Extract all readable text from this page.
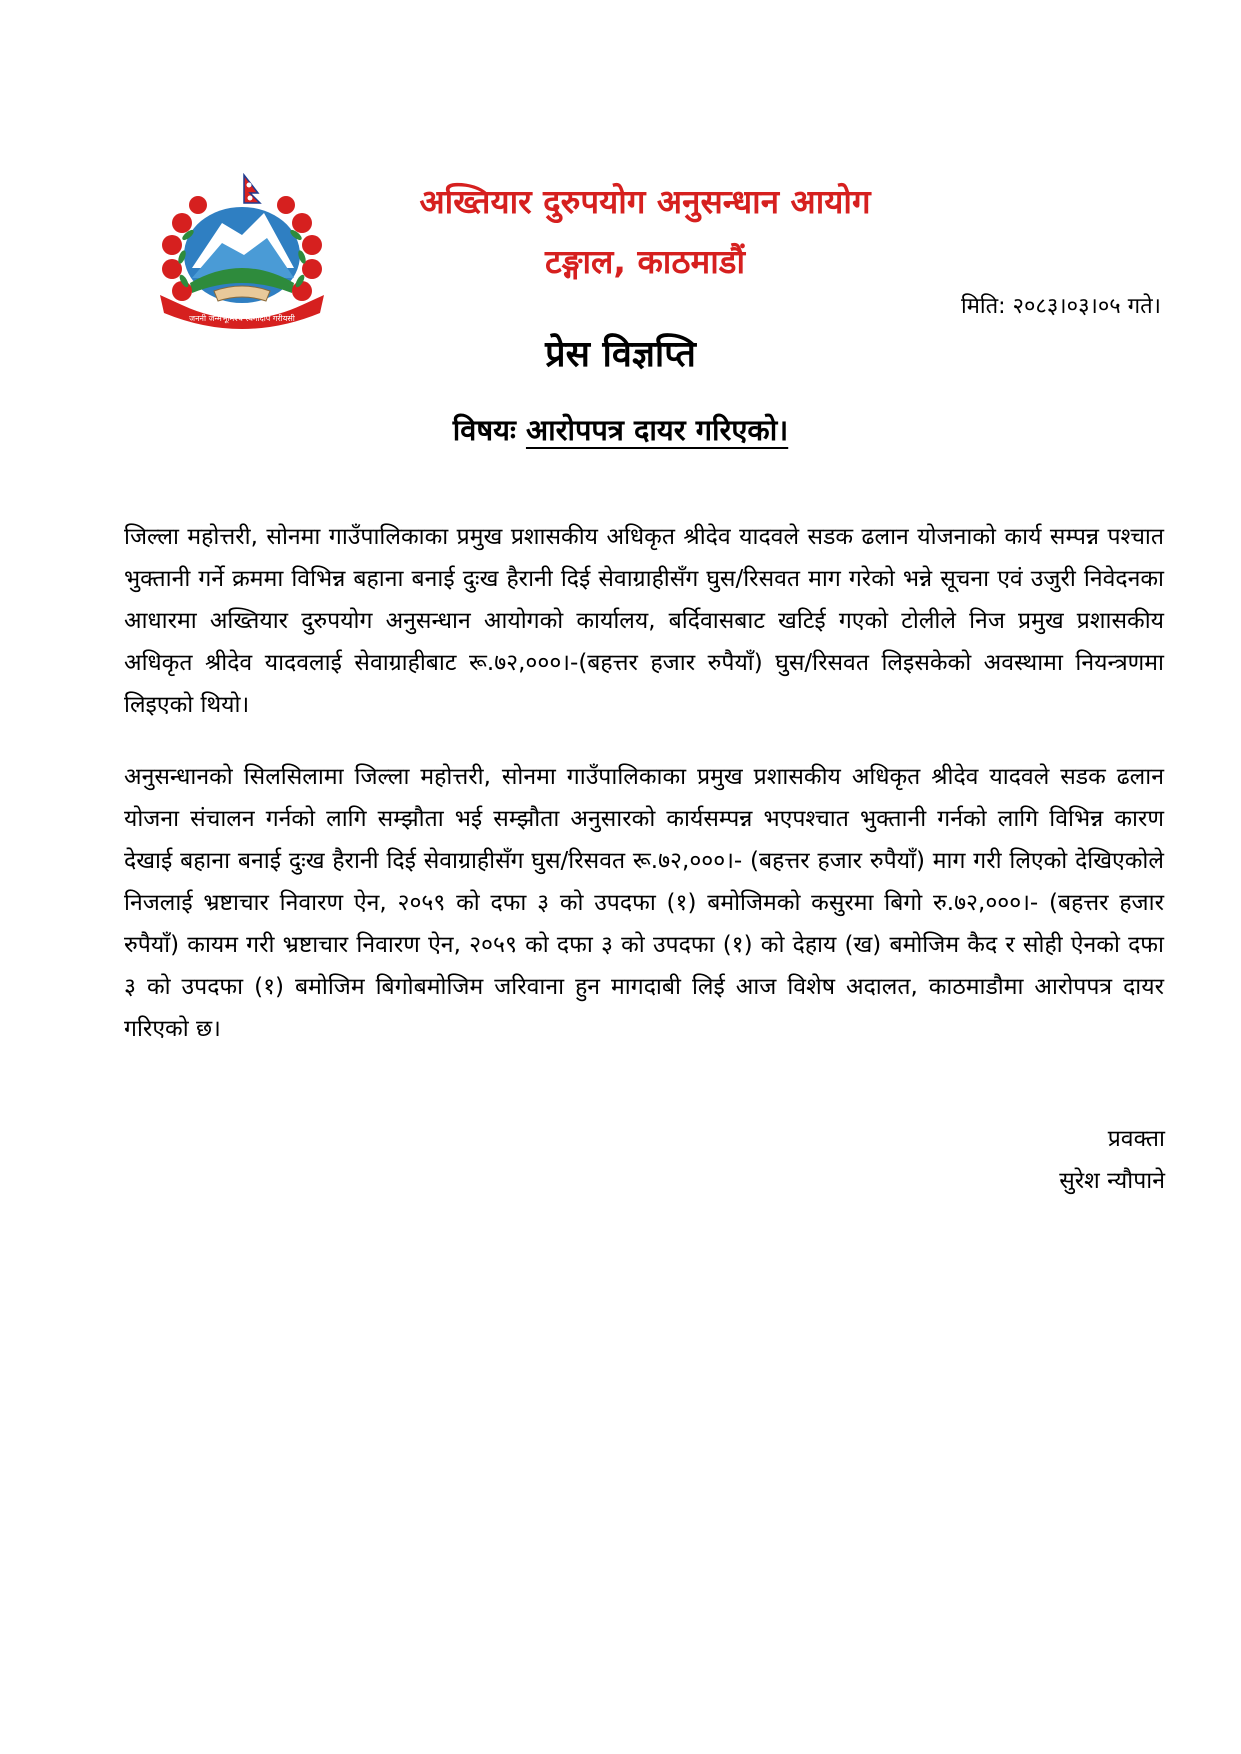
जननी जन्मभूमिश्च स्वर्गादपि गरीयसी
अख्तियार दुरुपयोग अनुसन्धान आयोग
टङ्गाल, काठमाडौं
मिति: २०८३।०३।०५ गते।
प्रेस विज्ञप्ति
विषयः आरोपपत्र दायर गरिएको।

जिल्ला महोत्तरी, सोनमा गाउँपालिकाका प्रमुख प्रशासकीय अधिकृत श्रीदेव यादवले सडक ढलान योजनाको कार्य सम्पन्न पश्चात भुक्तानी गर्ने क्रममा विभिन्न बहाना बनाई दुःख हैरानी दिई सेवाग्राहीसँग घुस/रिसवत माग गरेको भन्ने सूचना एवं उजुरी निवेदनका आधारमा अख्तियार दुरुपयोग अनुसन्धान आयोगको कार्यालय, बर्दिवासबाट खटिई गएको टोलीले निज प्रमुख प्रशासकीय अधिकृत श्रीदेव यादवलाई सेवाग्राहीबाट रू.७२,०००।-(बहत्तर हजार रुपैयाँ) घुस/रिसवत लिइसकेको अवस्थामा नियन्त्रणमा लिइएको थियो।

अनुसन्धानको सिलसिलामा जिल्ला महोत्तरी, सोनमा गाउँपालिकाका प्रमुख प्रशासकीय अधिकृत श्रीदेव यादवले सडक ढलान योजना संचालन गर्नको लागि सम्झौता भई सम्झौता अनुसारको कार्यसम्पन्न भएपश्चात भुक्तानी गर्नको लागि विभिन्न कारण देखाई बहाना बनाई दुःख हैरानी दिई सेवाग्राहीसँग घुस/रिसवत रू.७२,०००।- (बहत्तर हजार रुपैयाँ) माग गरी लिएको देखिएकोले निजलाई भ्रष्टाचार निवारण ऐन, २०५९ को दफा ३ को उपदफा (१) बमोजिमको कसुरमा बिगो रु.७२,०००।- (बहत्तर हजार रुपैयाँ) कायम गरी भ्रष्टाचार निवारण ऐन, २०५९ को दफा ३ को उपदफा (१) को देहाय (ख) बमोजिम कैद र सोही ऐनको दफा ३ को उपदफा (१) बमोजिम बिगोबमोजिम जरिवाना हुन मागदाबी लिई आज विशेष अदालत, काठमाडौमा आरोपपत्र दायर गरिएको छ।

प्रवक्ता
सुरेश न्यौपाने
